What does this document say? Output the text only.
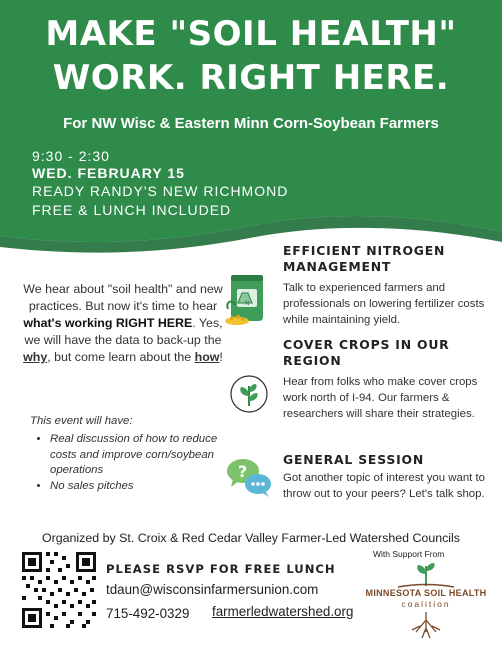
MAKE "SOIL HEALTH"
WORK. RIGHT HERE.
For NW Wisc & Eastern Minn Corn-Soybean Farmers
9:30 - 2:30
WED. FEBRUARY 15
READY RANDY'S NEW RICHMOND
FREE & LUNCH INCLUDED
We hear about "soil health" and new practices. But now it's time to hear what's working RIGHT HERE. Yes, we will have the data to back-up the why, but come learn about the how!
This event will have:
• Real discussion of how to reduce costs and improve corn/soybean operations
• No sales pitches
EFFICIENT NITROGEN MANAGEMENT

Talk to experienced farmers and professionals on lowering fertilizer costs while maintaining yield.

N
COVER CROPS IN OUR REGION

Hear from folks who make cover crops work north of I-94. Our farmers & researchers will share their strategies.

GENERAL SESSION

Got another topic of interest you want to throw out to your peers? Let's talk shop.

?
Organized by St. Croix & Red Cedar Valley Farmer-Led Watershed Councils
PLEASE RSVP FOR FREE LUNCH
tdaun@wisconsinfarmersunion.com
715-492-0329 farmerledwatershed.org
With Support From
MINNESOTA SOIL HEALTH
coalition
